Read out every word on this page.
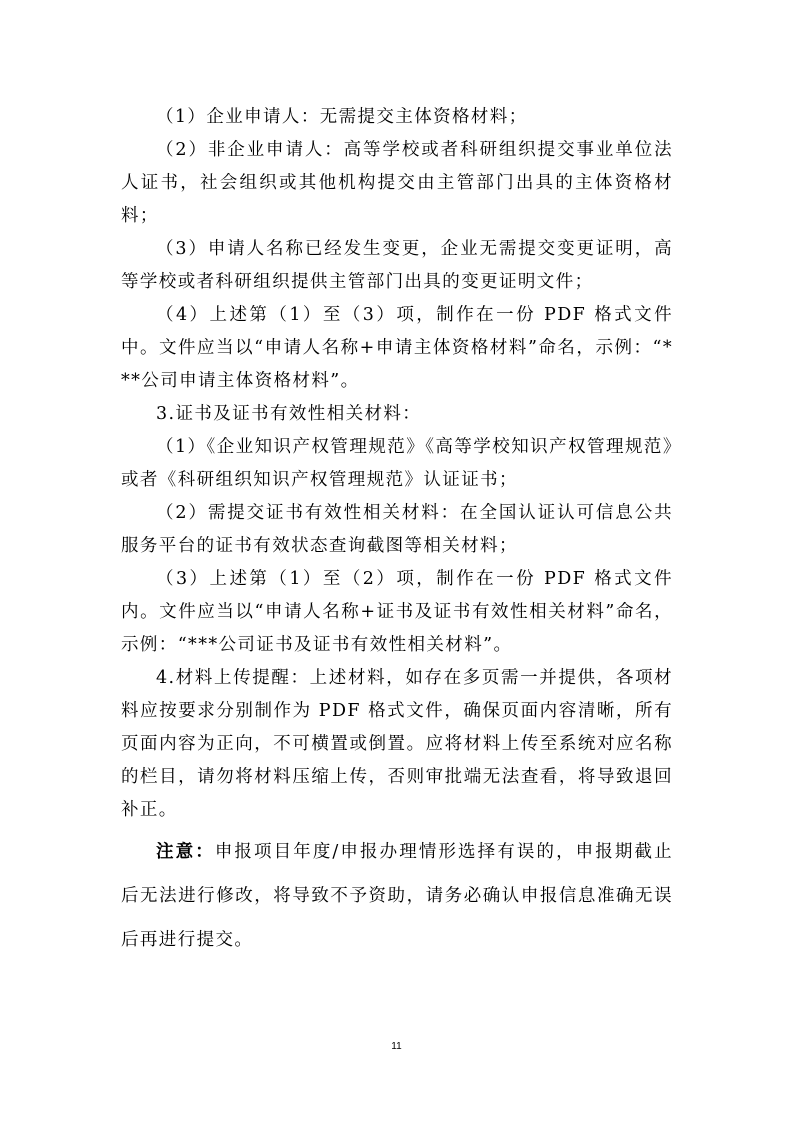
（1）企业申请人：无需提交主体资格材料；

（2）非企业申请人：高等学校或者科研组织提交事业单位法人证书，社会组织或其他机构提交由主管部门出具的主体资格材料；

（3）申请人名称已经发生变更，企业无需提交变更证明，高等学校或者科研组织提供主管部门出具的变更证明文件；

（4）上述第（1）至（3）项，制作在一份 PDF 格式文件中。文件应当以“申请人名称+申请主体资格材料”命名，示例：“***公司申请主体资格材料”。

3.证书及证书有效性相关材料：

（1）《企业知识产权管理规范》《高等学校知识产权管理规范》或者《科研组织知识产权管理规范》认证证书；

（2）需提交证书有效性相关材料：在全国认证认可信息公共服务平台的证书有效状态查询截图等相关材料；

（3）上述第（1）至（2）项，制作在一份 PDF 格式文件内。文件应当以“申请人名称+证书及证书有效性相关材料”命名，示例：“***公司证书及证书有效性相关材料”。

4.材料上传提醒：上述材料，如存在多页需一并提供，各项材料应按要求分别制作为 PDF 格式文件，确保页面内容清晰，所有页面内容为正向，不可横置或倒置。应将材料上传至系统对应名称的栏目，请勿将材料压缩上传，否则审批端无法查看，将导致退回补正。

注意：申报项目年度/申报办理情形选择有误的，申报期截止后无法进行修改，将导致不予资助，请务必确认申报信息准确无误后再进行提交。

11
